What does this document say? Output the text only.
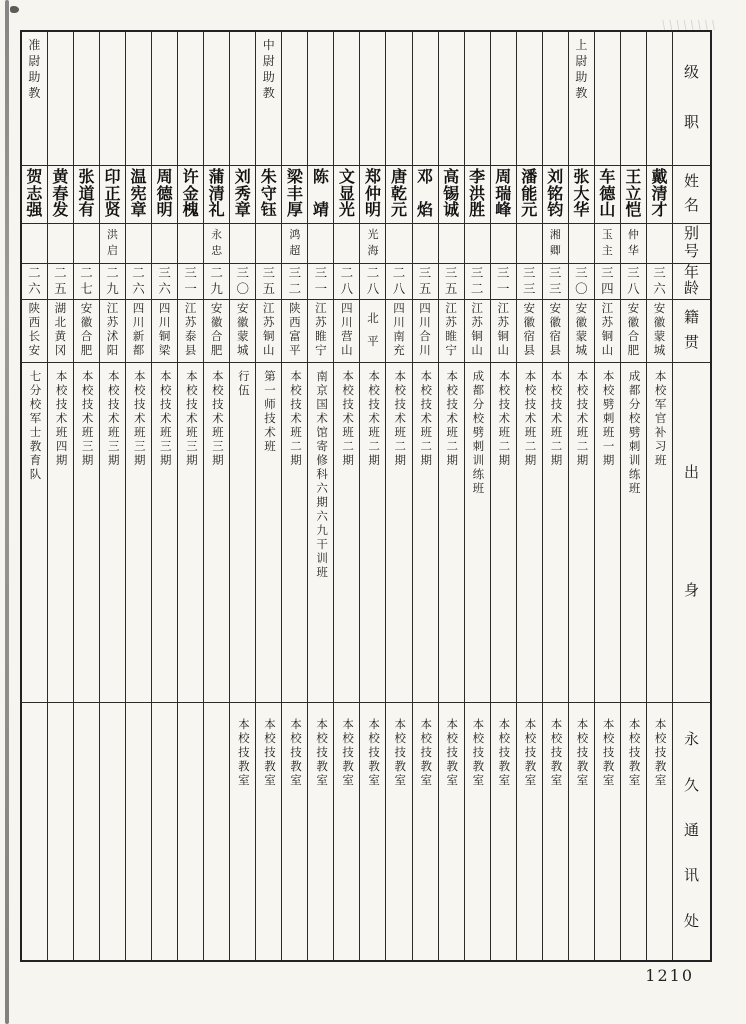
级
职
姓
名
别
号
年
龄
籍
贯
出
身
永
久
通
讯
处
戴
清
才
三
六
安
徽
蒙
城
本校军官补习班
本校技教室
王
立
恺
仲
华
三
八
安
徽
合
肥
成都分校劈刺训练班
本校技教室
车
德
山
玉
主
三
四
江
苏
铜
山
本校劈刺班一期
本校技教室
上
尉
助
教
张
大
华
三
〇
安
徽
蒙
城
本校技术班二期
本校技教室
刘
铭
钧
湘
卿
三
三
安
徽
宿
县
本校技术班二期
本校技教室
潘
能
元
三
三
安
徽
宿
县
本校技术班二期
本校技教室
周
瑞
峰
三
一
江
苏
铜
山
本校技术班二期
本校技教室
李
洪
胜
三
二
江
苏
铜
山
成都分校劈刺训练班
本校技教室
高
锡
诚
三
五
江
苏
睢
宁
本校技术班二期
本校技教室
邓
焰
三
五
四
川
合
川
本校技术班二期
本校技教室
唐
乾
元
二
八
四
川
南
充
本校技术班二期
本校技教室
郑
仲
明
光
海
二
八
北
平
本校技术班二期
本校技教室
文
显
光
二
八
四
川
营
山
本校技术班二期
本校技教室
陈
靖
三
一
江
苏
睢
宁
南京国术馆寄修科六期六九干训班
本校技教室
梁
丰
厚
鸿
超
三
二
陕
西
富
平
本校技术班二期
本校技教室
中
尉
助
教
朱
守
钰
三
五
江
苏
铜
山
第一师技术班
本校技教室
刘
秀
章
三
〇
安
徽
蒙
城
行伍
本校技教室
蒲
清
礼
永
忠
二
九
安
徽
合
肥
本校技术班三期
许
金
槐
三
一
江
苏
泰
县
本校技术班三期
周
德
明
三
六
四
川
铜
梁
本校技术班三期
温
宪
章
二
六
四
川
新
都
本校技术班三期
印
正
贤
洪
启
二
九
江
苏
沭
阳
本校技术班三期
张
道
有
二
七
安
徽
合
肥
本校技术班三期
黄
春
发
二
五
湖
北
黄
冈
本校技术班四期
准
尉
助
教
贺
志
强
二
六
陕
西
长
安
七分校军士教育队
1210
